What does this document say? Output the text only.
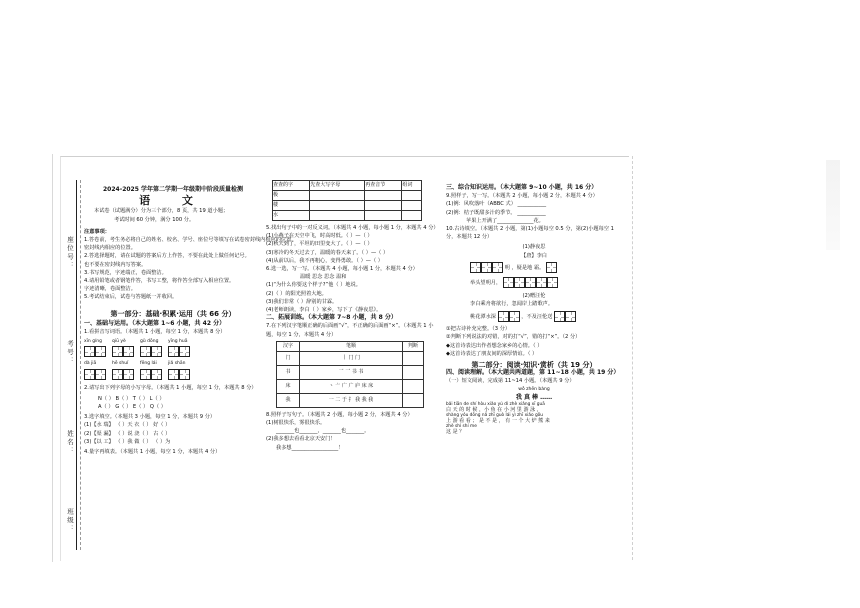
座位号：
考号：
姓名：
班级：
2024-2025 学年第二学期一年级期中阶段质量检测
语 文
本试卷（试题满分）分为三个部分，8 页，共 19 道小题；
考试时间 60 分钟，满分 100 分。
注意事项：
1.答卷前，考生务必将自己的姓名、校名、学号、座位号等填写在试卷密封线内相应的位置。
密封线内相应的位置。
2.答选择题时，请在试题的答案后方上作答，不要在此处上做任何记号。
也不要在密封线内写答案。
3.书写规范，字迹端正，卷面整洁。
4.请用铅笔或者钢笔作答，书写工整，将作答全部写入相应位置。
字迹清晰，卷面整洁。
5.考试结束后，试卷与答题纸一并收回。
第一部分：基础·积累·运用（共 66 分）
一、基础与运用。（本大题第 1~6 小题，共 42 分）
1.看拼音写词语。（本题共 1 小题，每空 1 分，本题共 8 分）
xīn ɡínɡ	qiū yè	ɡǔ dōnɡ	yīnɡ huā
dà jiā	hē shuǐ	fēnɡ lái	jiǎ shān
2.请写出下列字母的小写字母。（本题共 1 小题，每空 1 分，本题共 8 分）
N（ ） B（ ） T（ ） L（ ）
A（ ） G（ ） E（ ） Q（ ）
3.选字填空。（本题共 3 小题，每空 1 分，本题共 9 分）
(1)【水 瑞】 （ ）天 衣（ ） 好（ ）
(2)【渠 漏】 （ ）说 浇（ ） 古（ ）
(3)【以 工】 （ ）我 做（ ） （ ）为
4.量字再填表。（本题共 1 小题，每空 1 分，本题共 4 分）
查查的字	先查大写字母	再查音节	组词
极			
楼			
水			
5.找出句子中的一对反义词。（本题共 4 小题，每小题 1 分，本题共 4 分）
(1)小燕子在天空中飞，时高时低。（ ）—（ ）
(2)秋天到了，平坦的田里变大了。（ ）—（ ）
(3)寒冷的冬天过去了，温暖的春天来了。（ ）—（ ）
(4)从前以后，我不再粗心，变得勇敢。（ ）—（ ）
6.选一选，写一写。（本题共 4 小题，每小题 1 分，本题共 4 分）
温暖 思念 思念 温和
(1)“为什么你要这个样子?”他（ ）地说。
(2)（ ）的阳光照着大地。
(3)我们非常（ ）辞别的甘霖。
(4)老师朗读，李白（ ）家乡，写下了《静夜思》。
二、拓展训练。（本大题第 7~8 小题，共 8 分）
7.在下列汉字笔顺正确的后面画“√”，不正确的后面画“×”。（本题共 1 小题，每空 1 分，本题共 4 分）
汉字	笔顺	判断
门	丨 冂 门	
书	乛 乛 书 书	
床	丶 亠 广 广 庐 床 床	
我	一 二 于 扌 我 我 我	
8.照样子写句子。（本题共 2 小题，每小题 2 分，本题共 4 分）
(1)树很快乐，雾很快乐。
_______也_______，_______也_______。
(2)我多想去看看北京天安门！
我多想__________________！
三、综合知识运用。（本大题第 9~10 小题，共 16 分）
9.照样子，写一写。（本题共 2 小题，每小题 2 分，本题共 4 分）
(1)例：风吹落叶（ABBC 式） ___________
(2)例：桔子既甜多汁的季节。 ___________
苹果上开满了______________花。
10.古诗填空。（本题共 2 小题，第(1)小题每空 0.5 分，第(2)小题每空 1 分，本题共 12 分）
(1)静夜思
【唐】李白
明 ，疑是地 霜。
举头望明月，
(2)赠汪伦
李白乘舟将欲行，忽闻岸上踏歌声。
桃花潭水深	，不及汪伦送
①把古诗补充完整。（3 分）
②判断下列说法的对错，对的打“√”，错的打“×”。（2 分）
◆这首诗表达出作者想念家乡的心情。（ ）
◆这首诗表达了朋友间的深厚情谊。（ ）
第二部分：阅读·知识·赏析（共 19 分）
四、阅读理解。（本大题共两道题，第 11~18 小题，共 19 分）
（一）短文阅读，完成第 11~14 小题。（本题共 9 分）
wǒ zhēn bànɡ
我 真 棒 ……
bǎi tiān de shí hòu xiǎo yú dì zhè xiǎng xī ɡuā
白 天 的 时 候 ，小 鱼 在 小 河 里 游 泳 ，
shàng yóu dōnɡ nǎ zhī ɡuò lái yì zhī xiǎo ɡǒu
上 游 看 看 ； 是 不 是 ， 有 一 个 大 炉 熊 来
zhè shì shí me
这 是 ？
